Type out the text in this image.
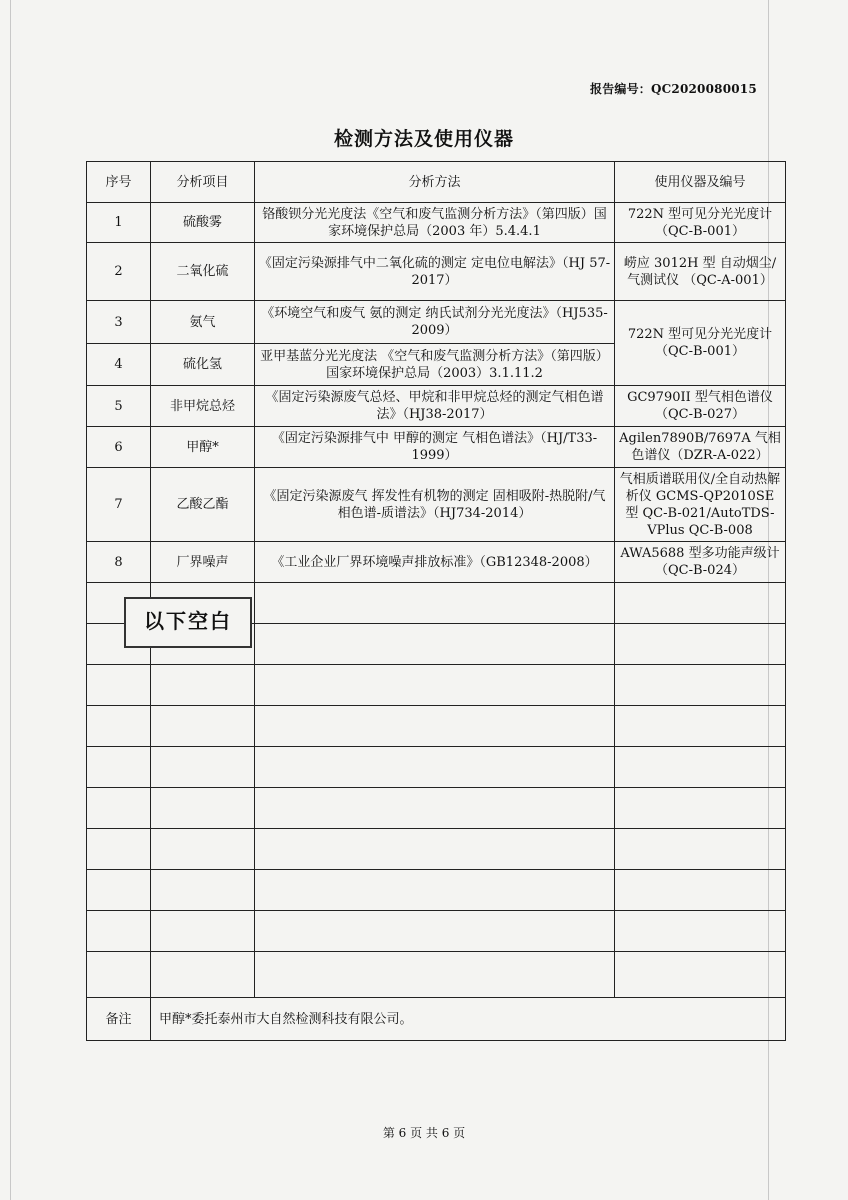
报告编号：QC2020080015
检测方法及使用仪器
序号	分析项目	分析方法	使用仪器及编号
1	硫酸雾	铬酸钡分光光度法《空气和废气监测分析方法》（第四版）国家环境保护总局（2003 年）5.4.4.1	722N 型可见分光光度计（QC-B-001）
2	二氧化硫	《固定污染源排气中二氧化硫的测定 定电位电解法》（HJ 57-2017）	崂应 3012H 型 自动烟尘/气测试仪 （QC-A-001）
3	氨气	《环境空气和废气 氨的测定 纳氏试剂分光光度法》（HJ535-2009）	722N 型可见分光光度计（QC-B-001）
4	硫化氢	亚甲基蓝分光光度法 《空气和废气监测分析方法》（第四版）国家环境保护总局（2003）3.1.11.2	
5	非甲烷总烃	《固定污染源废气总烃、甲烷和非甲烷总烃的测定气相色谱法》（HJ38-2017）	GC9790II 型气相色谱仪（QC-B-027）
6	甲醇*	《固定污染源排气中 甲醇的测定 气相色谱法》（HJ/T33-1999）	Agilen7890B/7697A 气相色谱仪（DZR-A-022）
7	乙酸乙酯	《固定污染源废气 挥发性有机物的测定 固相吸附-热脱附/气相色谱-质谱法》（HJ734-2014）	气相质谱联用仪/全自动热解析仪 GCMS-QP2010SE 型 QC-B-021/AutoTDS-VPlus QC-B-008
8	厂界噪声	《工业企业厂界环境噪声排放标准》（GB12348-2008）	AWA5688 型多功能声级计（QC-B-024）

备注	甲醇*委托泰州市大自然检测科技有限公司。		
以下空白
第 6 页 共 6 页
